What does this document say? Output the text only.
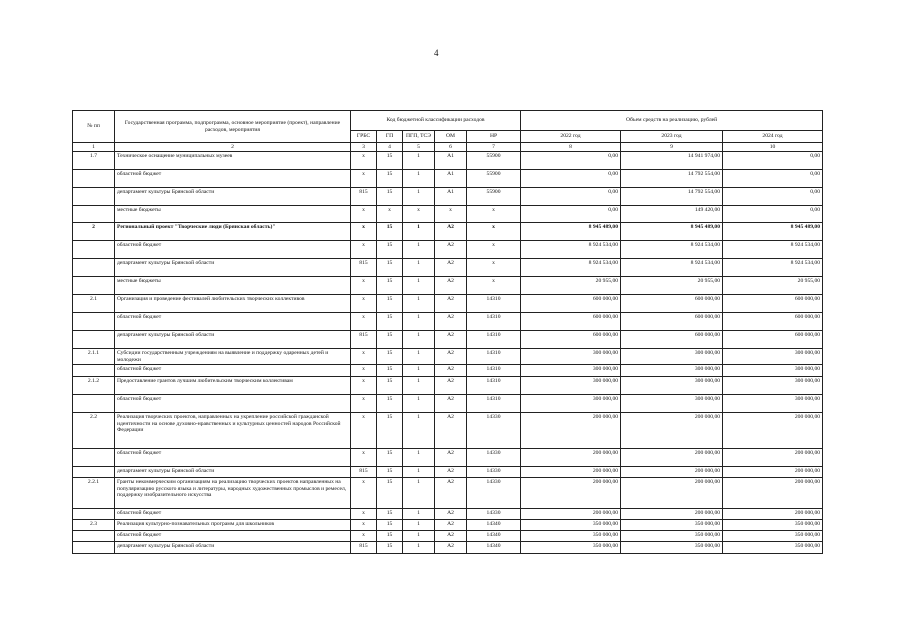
4
№ пп	Государственная программа, подпрограмма, основное мероприятие (проект), направление расходов, мероприятия	Код бюджетной классификации расходов					Объем средств на реализацию, рублей		
		ГРБС	ГП	ПГП, ТСЭ	ОМ	НР	2022 год	2023 год	2024 год
1	2	3	4	5	6	7	8	9	10
1.7	Техническое оснащение муниципальных музеев	х	15	1	А1	55900	0,00	14 941 974,00	0,00
	областной бюджет	х	15	1	А1	55900	0,00	14 792 554,00	0,00
	департамент культуры Брянской области	815	15	1	А1	55900	0,00	14 792 554,00	0,00
	местные бюджеты	х	х	х	х	х	0,00	149 420,00	0,00
2	Региональный проект "Творческие люди (Брянская область)"	х	15	1	А2	х	8 945 489,00	8 945 489,00	8 945 489,00
	областной бюджет	х	15	1	А2	х	8 924 534,00	8 924 534,00	8 924 534,00
	департамент культуры Брянской области	815	15	1	А2	х	8 924 534,00	8 924 534,00	8 924 534,00
	местные бюджеты	х	15	1	А2	х	20 955,00	20 955,00	20 955,00
2.1	Организация и проведение фестивалей любительских творческих коллективов	х	15	1	А2	14310	600 000,00	600 000,00	600 000,00
	областной бюджет	х	15	1	А2	14310	600 000,00	600 000,00	600 000,00
	департамент культуры Брянской области	815	15	1	А2	14310	600 000,00	600 000,00	600 000,00
2.1.1	Субсидии государственным учреждениям на выявление и поддержку одаренных детей и молодежи	х	15	1	А2	14310	300 000,00	300 000,00	300 000,00
	областной бюджет	х	15	1	А2	14310	300 000,00	300 000,00	300 000,00
2.1.2	Предоставление грантов лучшим любительским творческим коллективам	х	15	1	А2	14310	300 000,00	300 000,00	300 000,00
	областной бюджет	х	15	1	А2	14310	300 000,00	300 000,00	300 000,00
2.2	Реализация творческих проектов, направленных на укрепление российской гражданской идентичности на основе духовно-нравственных и культурных ценностей народов Российской Федерации	х	15	1	А2	14330	200 000,00	200 000,00	200 000,00
	областной бюджет	х	15	1	А2	14330	200 000,00	200 000,00	200 000,00
	департамент культуры Брянской области	815	15	1	А2	14330	200 000,00	200 000,00	200 000,00
2.2.1	Гранты некоммерческим организациям на реализацию творческих проектов направленных на популяризацию русского языка и литературы, народных художественных промыслов и ремесел, поддержку изобразительного искусства	х	15	1	А2	14330	200 000,00	200 000,00	200 000,00
	областной бюджет	х	15	1	А2	14330	200 000,00	200 000,00	200 000,00
2.3	Реализация культурно-познавательных программ для школьников	х	15	1	А2	14340	350 000,00	350 000,00	350 000,00
	областной бюджет	х	15	1	А2	14340	350 000,00	350 000,00	350 000,00
	департамент культуры Брянской области	815	15	1	А2	14340	350 000,00	350 000,00	350 000,00
